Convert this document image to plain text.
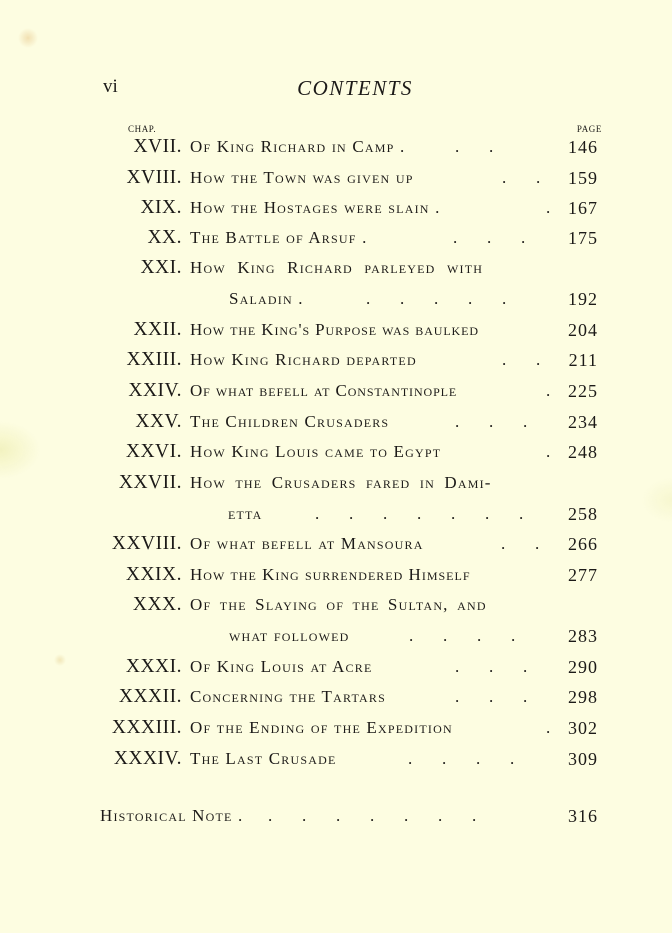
vi	CONTENTS
CHAP.	PAGE
XVII. Of King Richard in Camp .	.       .	146
XVIII. How the Town was given up	.       . 159
XIX. How the Hostages were slain .	. 167
XX. The Battle of Arsuf .	.       .       . 175
XXI. How King Richard parleyed with
Saladin .	.       .       .       .       .	192
XXII. How the King's Purpose was baulked	204
XXIII. How King Richard departed	.       . 211
XXIV. Of what befell at Constantinople	. 225
XXV. The Children Crusaders	.       .       . 234
XXVI. How King Louis came to Egypt	. 248
XXVII. How the Crusaders fared in Dami-
etta	.       .       .       .       .       .       . 258
XXVIII. Of what befell at Mansoura	.       . 266
XXIX. How the King surrendered Himself	277
XXX. Of the Slaying of the Sultan, and
what followed	.       .       .       .	283
XXXI. Of King Louis at Acre	.       .       . 290
XXXII. Concerning the Tartars	.       .       . 298
XXXIII. Of the Ending of the Expedition	. 302
XXXIV. The Last Crusade	.       .       .       .	309
Historical Note . .       .       .       .       .       .       .	316
